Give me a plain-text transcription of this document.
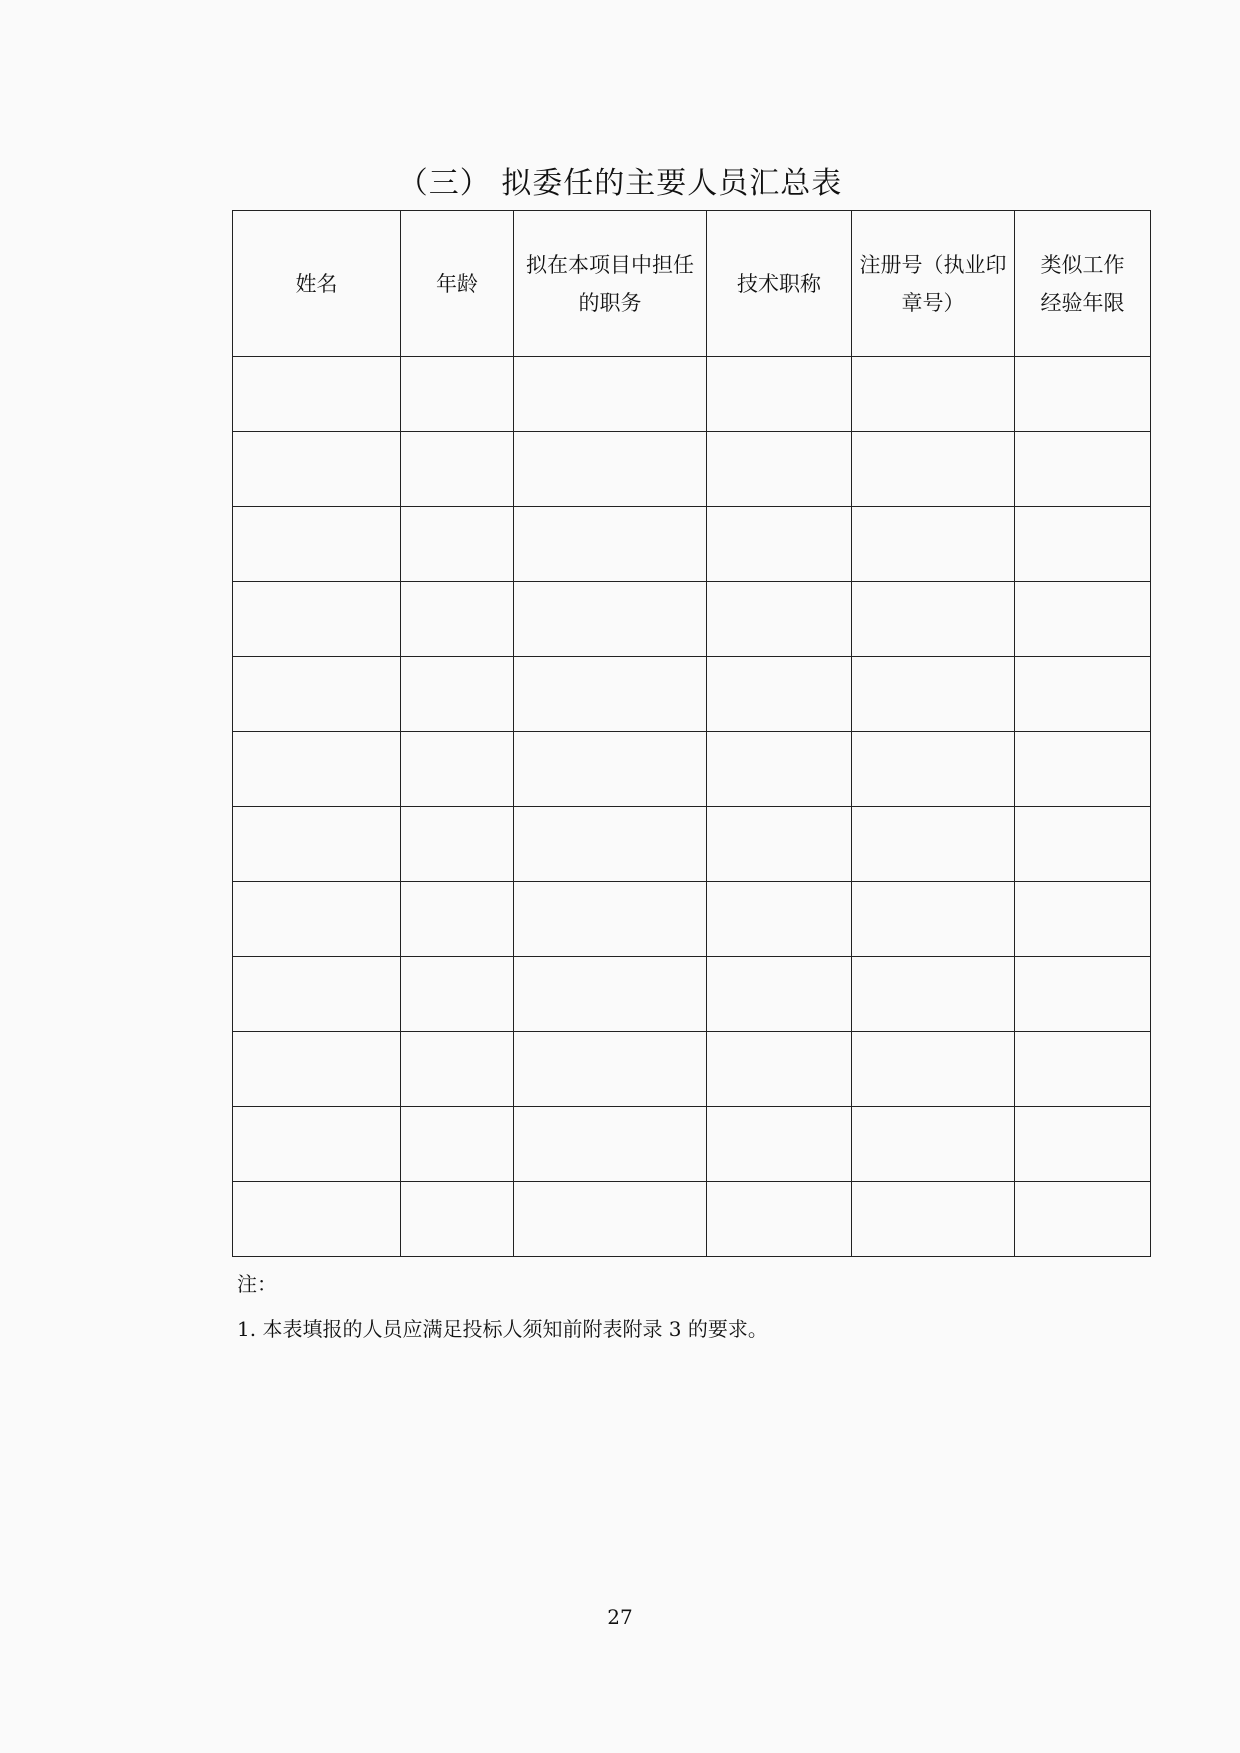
（三） 拟委任的主要人员汇总表
姓名	年龄	拟在本项目中担任的职务	技术职称	注册号（执业印章号）	类似工作经验年限

注：
1. 本表填报的人员应满足投标人须知前附表附录 3 的要求。
27
